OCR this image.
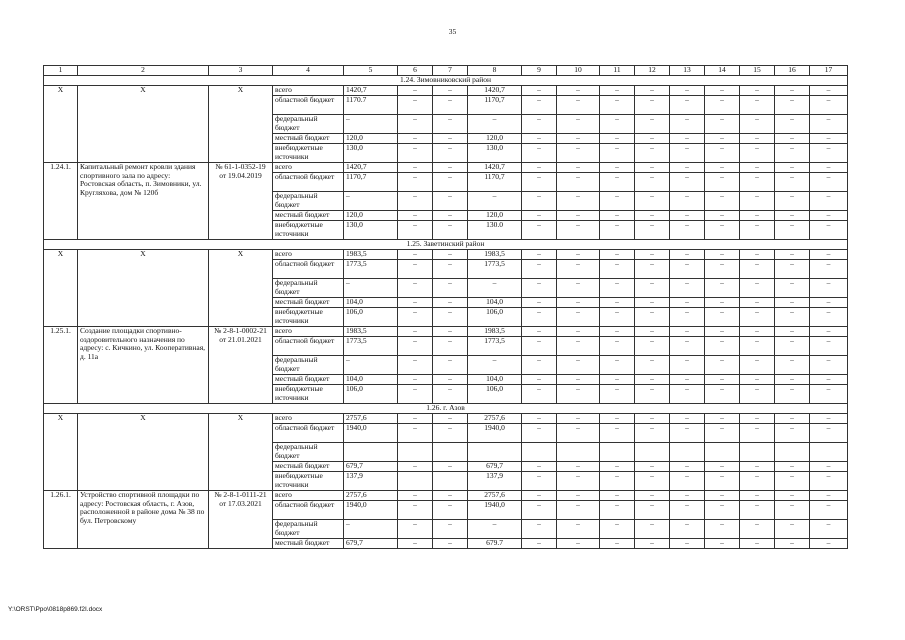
35
1	2	3	4	5	6	7	8	9	10	11	12	13	14	15	16	17
1.24. Зимовниковский район																
X	X	X	всего	1420,7	–	–	1420,7	–	–	–	–	–	–	–	–	–
			областной бюджет	1170.7	–	–	1170,7	–	–	–	–	–	–	–	–	–
			федеральный бюджет	–	–	–	–	–	–	–	–	–	–	–	–	–
			местный бюджет	120,0	–	–	120,0	–	–	–	–	–	–	–	–	–
			внебюджетные источники	130,0	–	–	130,0	–	–	–	–	–	–	–	–	–
1.24.1.	Капитальный ремонт кровли здания спортивного зала по адресу: Ростовская область, п. Зимовники, ул. Кругляхова, дом № 120б	№ 61-1-0352-19 от 19.04.2019	всего	1420,7	–	–	1420,7	–	–	–	–	–	–	–	–	–
			областной бюджет	1170,7	–	–	1170,7	–	–	–	–	–	–	–	–	–
			федеральный бюджет	–	–	–	–	–	–	–	–	–	–	–	–	–
			местный бюджет	120,0	–	–	120,0	–	–	–	–	–	–	–	–	–
			внебюджетные источники	130,0	–	–	130.0	–	–	–	–	–	–	–	–	–
1.25. Заветинский район																
X	X	X	всего	1983,5	–	–	1983,5	–	–	–	–	–	–	–	–	–
			областной бюджет	1773,5	–	–	1773,5	–	–	–	–	–	–	–	–	–
			федеральный бюджет	–	–	–	–	–	–	–	–	–	–	–	–	–
			местный бюджет	104,0	–	–	104,0	–	–	–	–	–	–	–	–	–
			внебюджетные источники	106,0	–	–	106,0	–	–	–	–	–	–	–	–	–
1.25.1.	Создание площадки спортивно-оздоровительного назначения по адресу: с. Кичкино, ул. Кооперативная, д. 11а	№ 2-8-1-0002-21 от 21.01.2021	всего	1983,5	–	–	1983,5	–	–	–	–	–	–	–	–	–
			областной бюджет	1773,5	–	–	1773,5	–	–	–	–	–	–	–	–	–
			федеральный бюджет	–	–	–	–	–	–	–	–	–	–	–	–	–
			местный бюджет	104,0	–	–	104,0	–	–	–	–	–	–	–	–	–
			внебюджетные источники	106,0	–	–	106,0	–	–	–	–	–	–	–	–	–
1.26. г. Азов																
X	X	X	всего	2757,6	–	–	2757,6	–	–	–	–	–	–	–	–	–
			областной бюджет	1940,0	–	–	1940,0	–	–	–	–	–	–	–	–	–
			федеральный бюджет													
			местный бюджет	679,7	–	–	679,7	–	–	–	–	–	–	–	–	–
			внебюджетные источники	137,9			137,9	–	–	–	–	–	–	–	–	–
1.26.1.	Устройство спортивной площадки по адресу: Ростовская область, г. Азов, расположенной в районе дома № 38 по бул. Петровскому	№ 2-8-1-0111-21 от 17.03.2021	всего	2757,6	–	–	2757,6	–	–	–	–	–	–	–	–	–
			областной бюджет	1940,0	–	–	1940,0	–	–	–	–	–	–	–	–	–
			федеральный бюджет	–	–	–	–	–	–	–	–	–	–	–	–	–
			местный бюджет	679,7	–	–	679.7	–	–	–	–	–	–	–	–	–
Y:\ORST\Ppo\0818p869.f2I.docx
